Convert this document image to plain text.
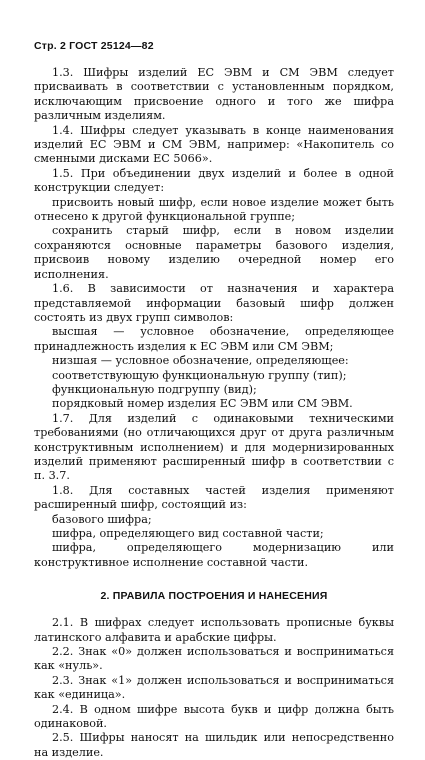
Стр. 2 ГОСТ 25124—82

1.3. Шифры изделий ЕС ЭВМ и СМ ЭВМ следует присваивать в соответствии с установленным порядком, исключающим присвоение одного и того же шифра различным изделиям.

1.4. Шифры следует указывать в конце наименования изделий ЕС ЭВМ и СМ ЭВМ, например: «Накопитель со сменными дисками ЕС 5066».

1.5. При объединении двух изделий и более в одной конструкции следует:

присвоить новый шифр, если новое изделие может быть отнесено к другой функциональной группе;

сохранить старый шифр, если в новом изделии сохраняются основные параметры базового изделия, присвоив новому изделию очередной номер его исполнения.

1.6. В зависимости от назначения и характера представляемой информации базовый шифр должен состоять из двух групп символов:

высшая — условное обозначение, определяющее принадлежность изделия к ЕС ЭВМ или СМ ЭВМ;

низшая — условное обозначение, определяющее:

соответствующую функциональную группу (тип);

функциональную подгруппу (вид);

порядковый номер изделия ЕС ЭВМ или СМ ЭВМ.

1.7. Для изделий с одинаковыми техническими требованиями (но отличающихся друг от друга различным конструктивным исполнением) и для модернизированных изделий применяют расширенный шифр в соответствии с п. 3.7.

1.8. Для составных частей изделия применяют расширенный шифр, состоящий из:

базового шифра;

шифра, определяющего вид составной части;

шифра, определяющего модернизацию или конструктивное исполнение составной части.

2. ПРАВИЛА ПОСТРОЕНИЯ И НАНЕСЕНИЯ

2.1. В шифрах следует использовать прописные буквы латинского алфавита и арабские цифры.

2.2. Знак «0» должен использоваться и восприниматься как «нуль».

2.3. Знак «1» должен использоваться и восприниматься как «единица».

2.4. В одном шифре высота букв и цифр должна быть одинаковой.

2.5. Шифры наносят на шильдик или непосредственно на изделие.
